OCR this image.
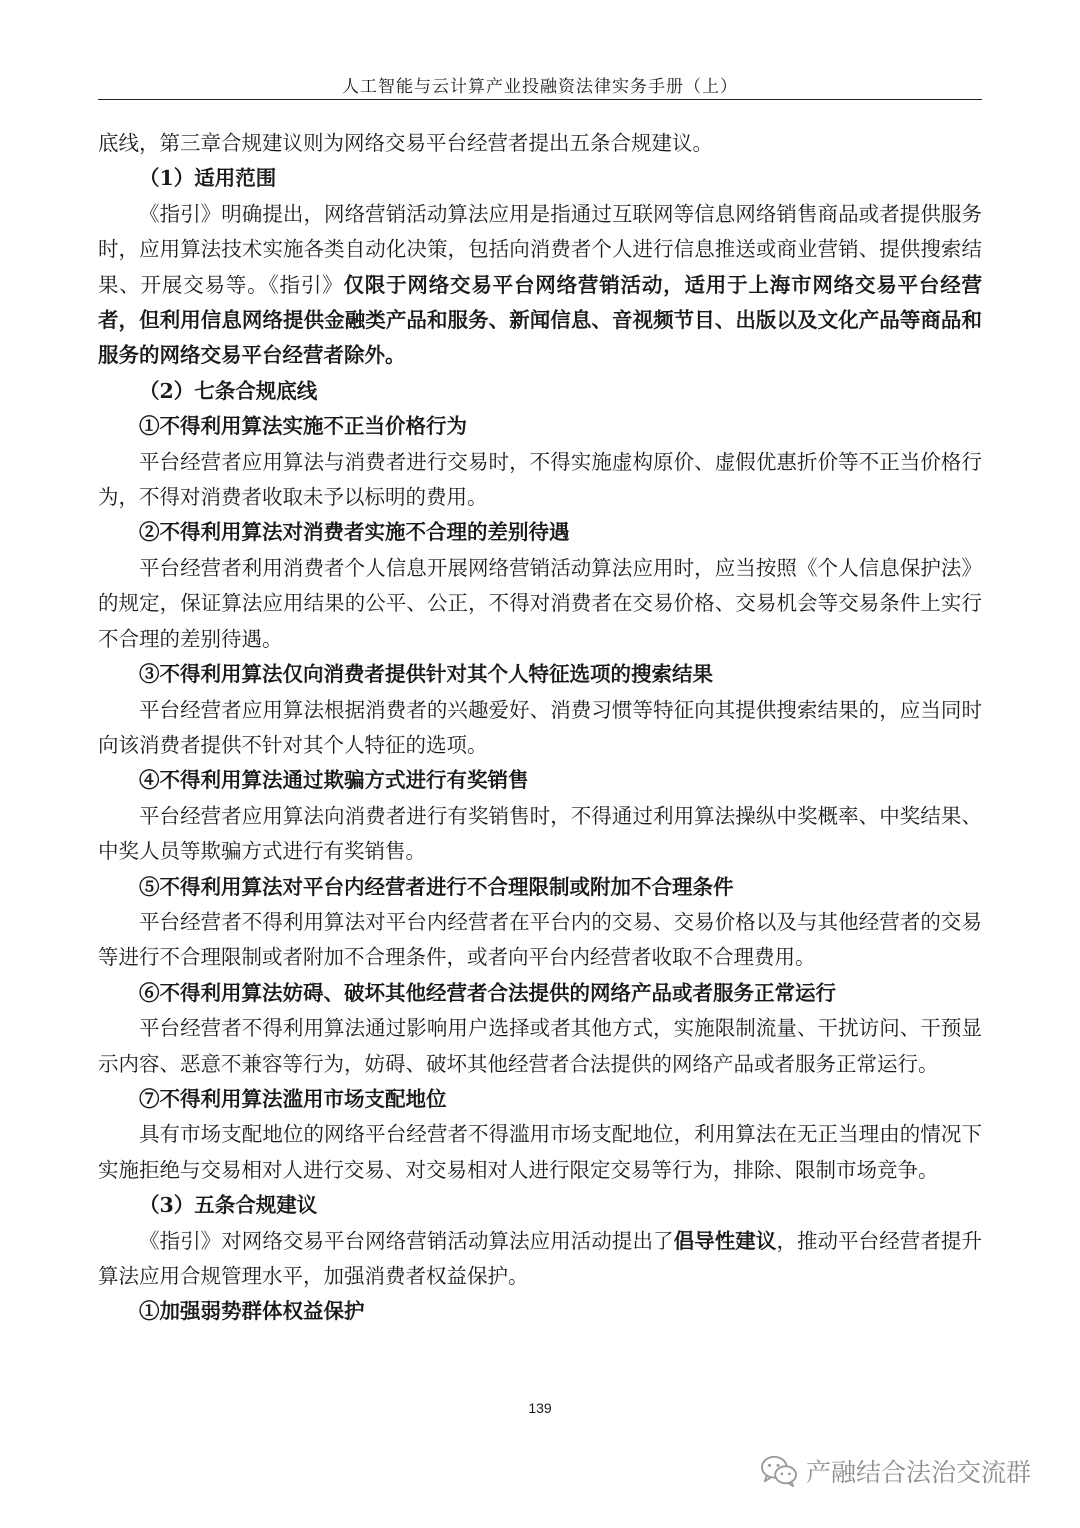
人工智能与云计算产业投融资法律实务手册（上）

底线，第三章合规建议则为网络交易平台经营者提出五条合规建议。

（1）适用范围

《指引》明确提出，网络营销活动算法应用是指通过互联网等信息网络销售商品或者提供服务时，应用算法技术实施各类自动化决策，包括向消费者个人进行信息推送或商业营销、提供搜索结果、开展交易等。《指引》仅限于网络交易平台网络营销活动，适用于上海市网络交易平台经营者，但利用信息网络提供金融类产品和服务、新闻信息、音视频节目、出版以及文化产品等商品和服务的网络交易平台经营者除外。

（2）七条合规底线

①不得利用算法实施不正当价格行为

平台经营者应用算法与消费者进行交易时，不得实施虚构原价、虚假优惠折价等不正当价格行为，不得对消费者收取未予以标明的费用。

②不得利用算法对消费者实施不合理的差别待遇

平台经营者利用消费者个人信息开展网络营销活动算法应用时，应当按照《个人信息保护法》的规定，保证算法应用结果的公平、公正，不得对消费者在交易价格、交易机会等交易条件上实行不合理的差别待遇。

③不得利用算法仅向消费者提供针对其个人特征选项的搜索结果

平台经营者应用算法根据消费者的兴趣爱好、消费习惯等特征向其提供搜索结果的，应当同时向该消费者提供不针对其个人特征的选项。

④不得利用算法通过欺骗方式进行有奖销售

平台经营者应用算法向消费者进行有奖销售时，不得通过利用算法操纵中奖概率、中奖结果、中奖人员等欺骗方式进行有奖销售。

⑤不得利用算法对平台内经营者进行不合理限制或附加不合理条件

平台经营者不得利用算法对平台内经营者在平台内的交易、交易价格以及与其他经营者的交易等进行不合理限制或者附加不合理条件，或者向平台内经营者收取不合理费用。

⑥不得利用算法妨碍、破坏其他经营者合法提供的网络产品或者服务正常运行

平台经营者不得利用算法通过影响用户选择或者其他方式，实施限制流量、干扰访问、干预显示内容、恶意不兼容等行为，妨碍、破坏其他经营者合法提供的网络产品或者服务正常运行。

⑦不得利用算法滥用市场支配地位

具有市场支配地位的网络平台经营者不得滥用市场支配地位，利用算法在无正当理由的情况下实施拒绝与交易相对人进行交易、对交易相对人进行限定交易等行为，排除、限制市场竞争。

（3）五条合规建议

《指引》对网络交易平台网络营销活动算法应用活动提出了倡导性建议，推动平台经营者提升算法应用合规管理水平，加强消费者权益保护。

①加强弱势群体权益保护

139
产融结合法治交流群
